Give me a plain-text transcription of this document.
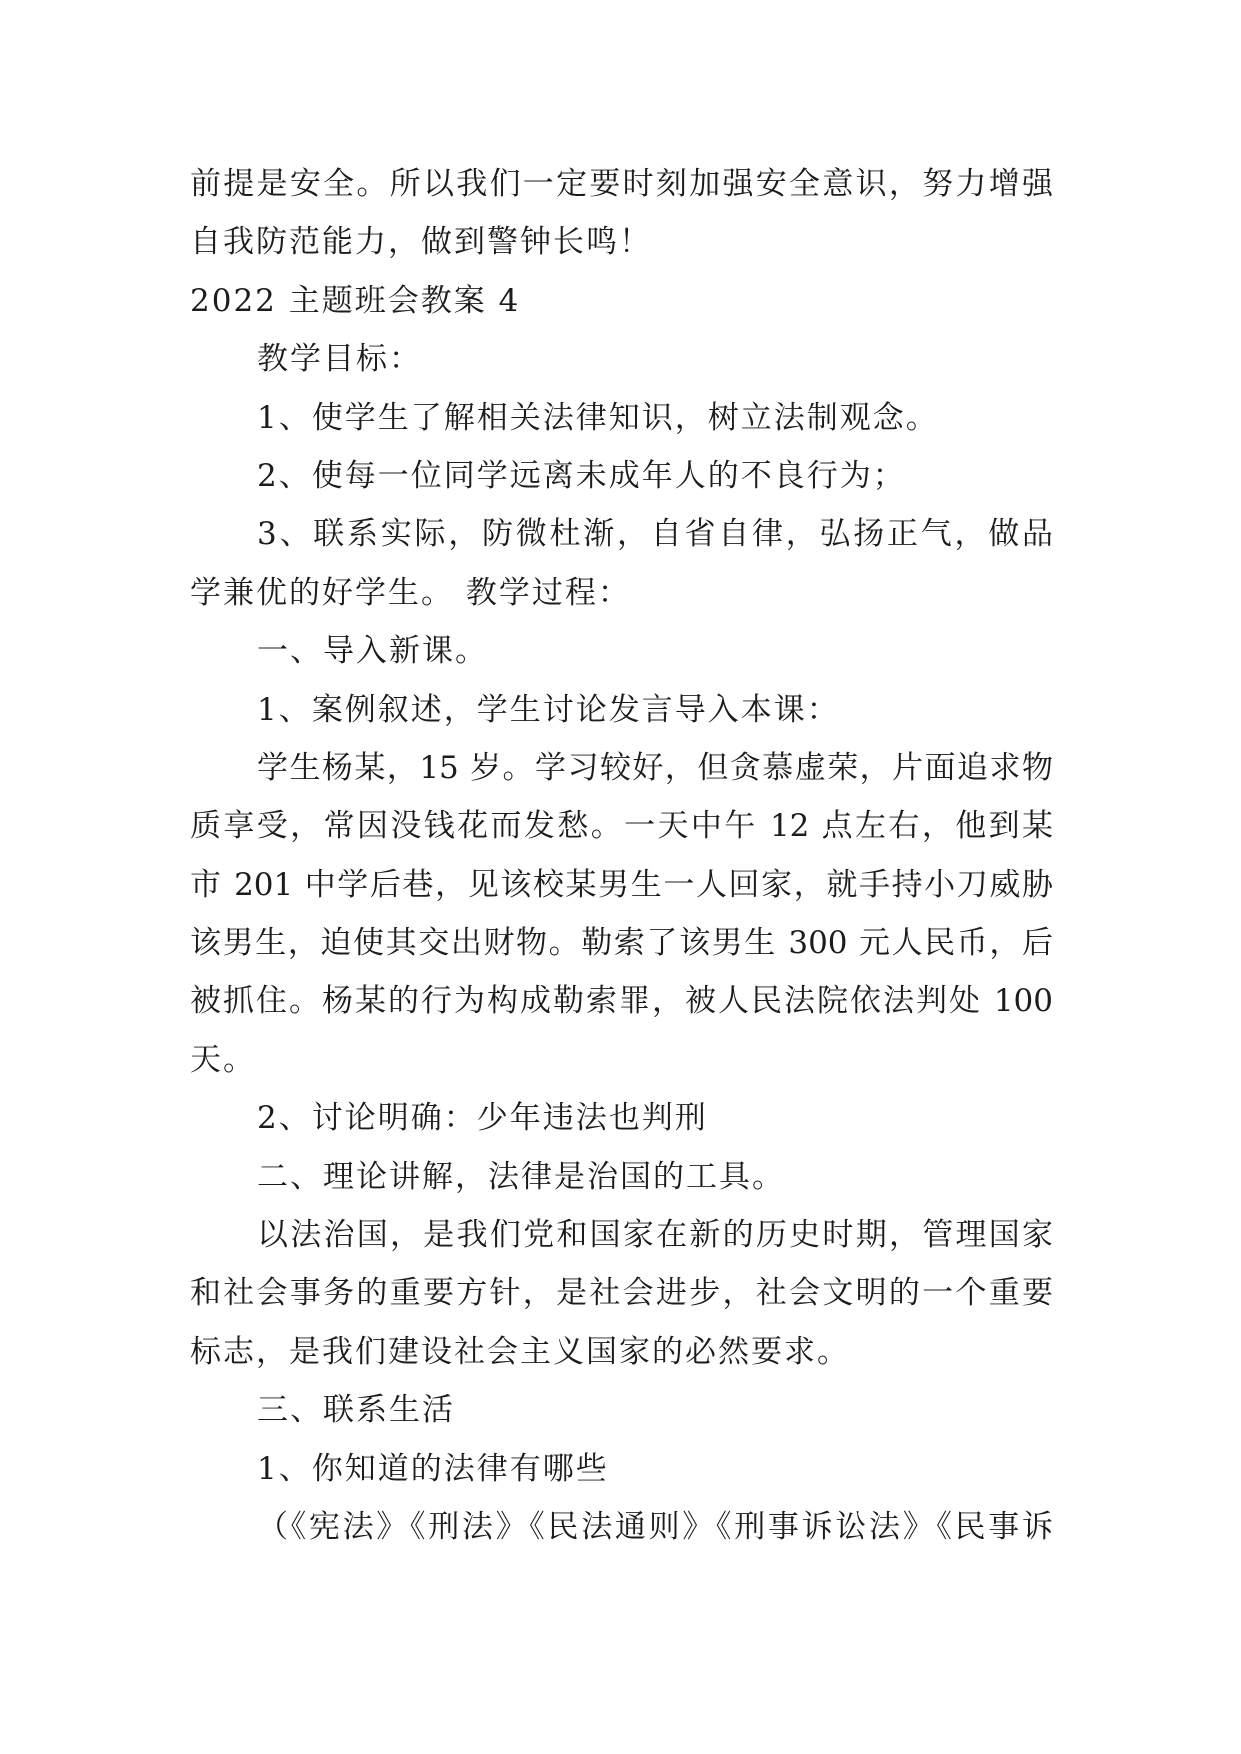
前提是安全。所以我们一定要时刻加强安全意识，努力增强
自我防范能力，做到警钟长鸣！
2022 主题班会教案 4
教学目标：
1、使学生了解相关法律知识，树立法制观念。
2、使每一位同学远离未成年人的不良行为；
3、联系实际，防微杜渐，自省自律，弘扬正气，做品
学兼优的好学生。 教学过程：
一、导入新课。
1、案例叙述，学生讨论发言导入本课：
学生杨某，15 岁。学习较好，但贪慕虚荣，片面追求物
质享受，常因没钱花而发愁。一天中午 12 点左右，他到某
市 201 中学后巷，见该校某男生一人回家，就手持小刀威胁
该男生，迫使其交出财物。勒索了该男生 300 元人民币，后
被抓住。杨某的行为构成勒索罪，被人民法院依法判处 100
天。
2、讨论明确：少年违法也判刑
二、理论讲解，法律是治国的工具。
以法治国，是我们党和国家在新的历史时期，管理国家
和社会事务的重要方针，是社会进步，社会文明的一个重要
标志，是我们建设社会主义国家的必然要求。
三、联系生活
1、你知道的法律有哪些
（《宪法》《刑法》《民法通则》《刑事诉讼法》《民事诉
